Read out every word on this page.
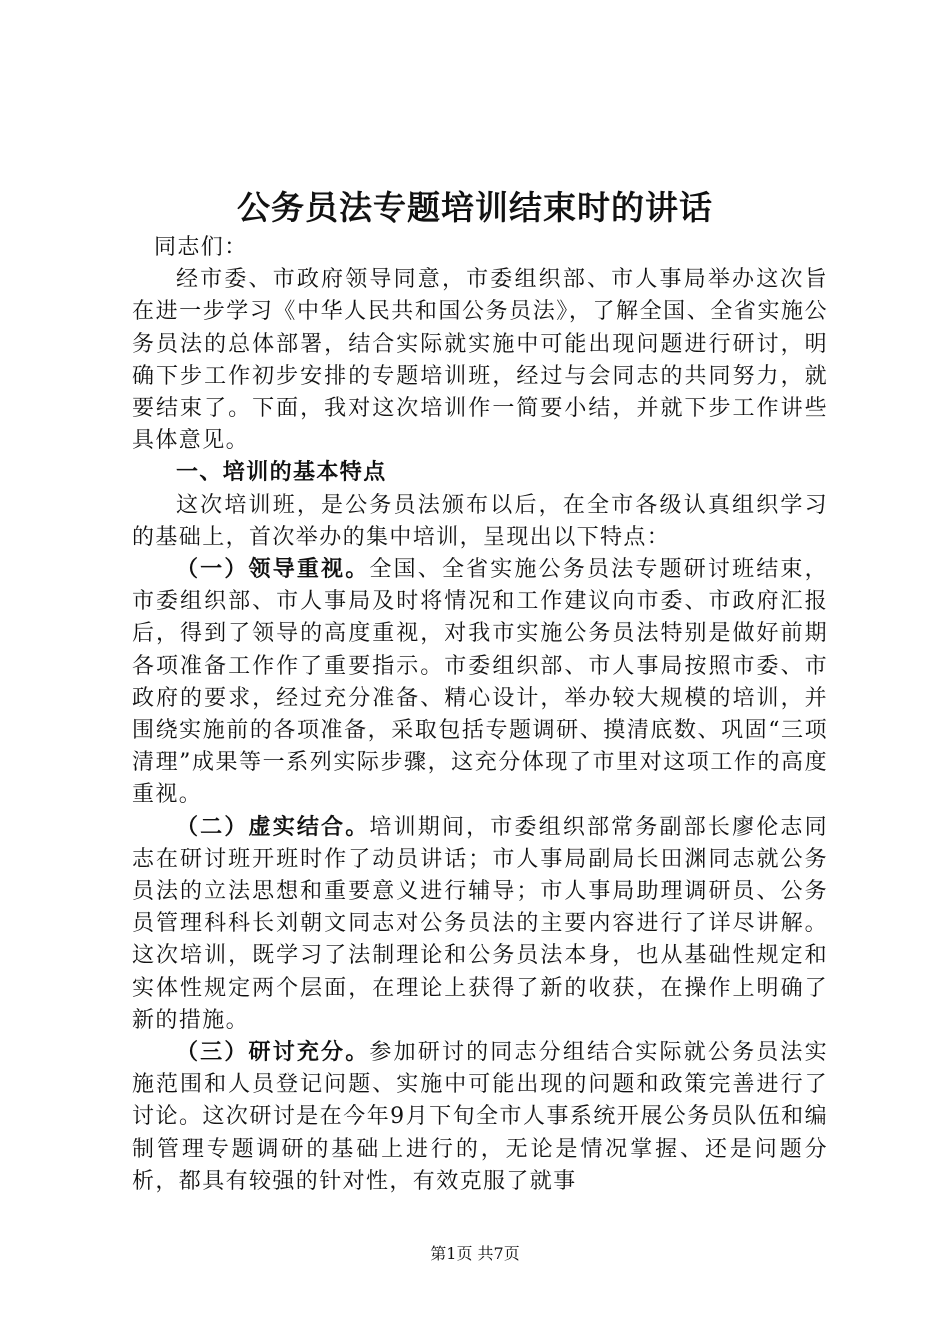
公务员法专题培训结束时的讲话

同志们：

经市委、市政府领导同意，市委组织部、市人事局举办这次旨在进一步学习《中华人民共和国公务员法》，了解全国、全省实施公务员法的总体部署，结合实际就实施中可能出现问题进行研讨，明确下步工作初步安排的专题培训班，经过与会同志的共同努力，就要结束了。下面，我对这次培训作一简要小结，并就下步工作讲些具体意见。

一、培训的基本特点

这次培训班，是公务员法颁布以后，在全市各级认真组织学习的基础上，首次举办的集中培训，呈现出以下特点：

（一）领导重视。全国、全省实施公务员法专题研讨班结束，市委组织部、市人事局及时将情况和工作建议向市委、市政府汇报后，得到了领导的高度重视，对我市实施公务员法特别是做好前期各项准备工作作了重要指示。市委组织部、市人事局按照市委、市政府的要求，经过充分准备、精心设计，举办较大规模的培训，并围绕实施前的各项准备，采取包括专题调研、摸清底数、巩固“三项清理”成果等一系列实际步骤，这充分体现了市里对这项工作的高度重视。

（二）虚实结合。培训期间，市委组织部常务副部长廖伦志同志在研讨班开班时作了动员讲话；市人事局副局长田渊同志就公务员法的立法思想和重要意义进行辅导；市人事局助理调研员、公务员管理科科长刘朝文同志对公务员法的主要内容进行了详尽讲解。这次培训，既学习了法制理论和公务员法本身，也从基础性规定和实体性规定两个层面，在理论上获得了新的收获，在操作上明确了新的措施。

（三）研讨充分。参加研讨的同志分组结合实际就公务员法实施范围和人员登记问题、实施中可能出现的问题和政策完善进行了讨论。这次研讨是在今年9月下旬全市人事系统开展公务员队伍和编制管理专题调研的基础上进行的，无论是情况掌握、还是问题分析，都具有较强的针对性，有效克服了就事

第1页 共7页
